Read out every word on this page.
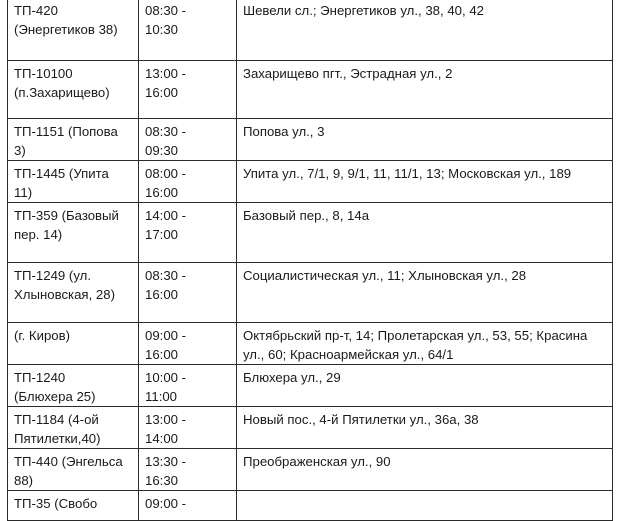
ТП-420
(Энергетиков 38)	08:30 -
10:30	Шевели сл.; Энергетиков ул., 38, 40, 42

ТП-10100
(п.Захарищево)	13:00 -
16:00	Захарищево пгт., Эстрадная ул., 2

ТП-1151 (Попова
3)	08:30 -
09:30	Попова ул., 3

ТП-1445 (Упита
11)	08:00 -
16:00	Упита ул., 7/1, 9, 9/1, 11, 11/1, 13; Московская ул., 189

ТП-359 (Базовый
пер. 14)	14:00 -
17:00	Базовый пер., 8, 14а

ТП-1249 (ул.
Хлыновская, 28)	08:30 -
16:00	Социалистическая ул., 11; Хлыновская ул., 28

(г. Киров)	09:00 -
16:00	Октябрьский пр-т, 14; Пролетарская ул., 53, 55; Красина
ул., 60; Красноармейская ул., 64/1

ТП-1240
(Блюхера 25)	10:00 -
11:00	Блюхера ул., 29

ТП-1184 (4-ой
Пятилетки,40)	13:00 -
14:00	Новый пос., 4-й Пятилетки ул., 36а, 38

ТП-440 (Энгельса
88)	13:30 -
16:30	Преображенская ул., 90

ТП-35 (Свобо	09:00 -	
